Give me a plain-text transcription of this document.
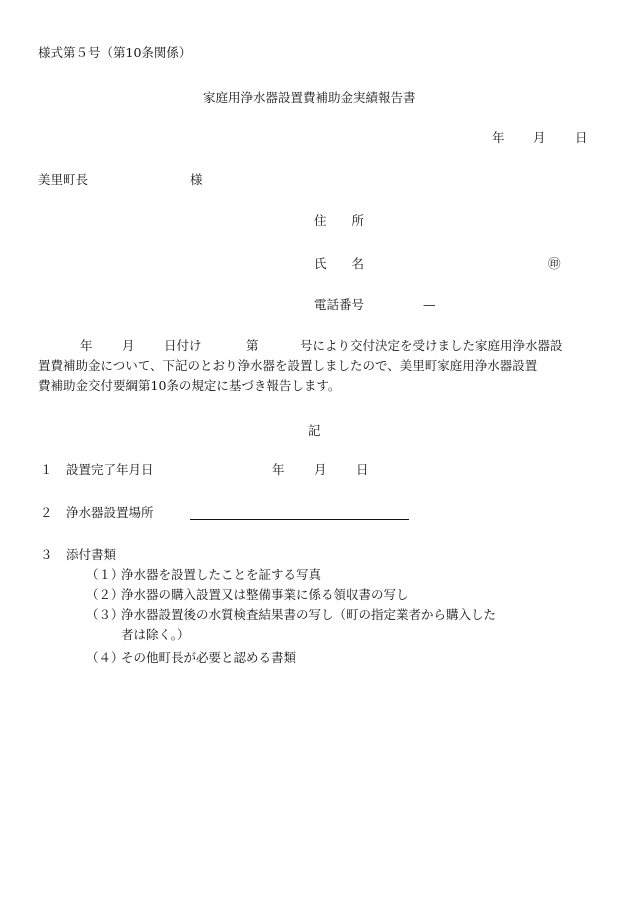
様式第５号（第10条関係）
家庭用浄水器設置費補助金実績報告書
年 月 日
美里町長	様
住　　所
氏　　名	㊞
電話番号	—
年 月 日付け	第	号により交付決定を受けました家庭用浄水器設
置費補助金について、下記のとおり浄水器を設置しましたので、美里町家庭用浄水器設置
費補助金交付要綱第10条の規定に基づき報告します。
記
１ 設置完了年月日	年 月 日
２ 浄水器設置場所
３ 添付書類
（１）
浄水器を設置したことを証する写真
（２）
浄水器の購入設置又は整備事業に係る領収書の写し
（３）
浄水器設置後の水質検査結果書の写し（町の指定業者から購入した
者は除く。）
（４）
その他町長が必要と認める書類
